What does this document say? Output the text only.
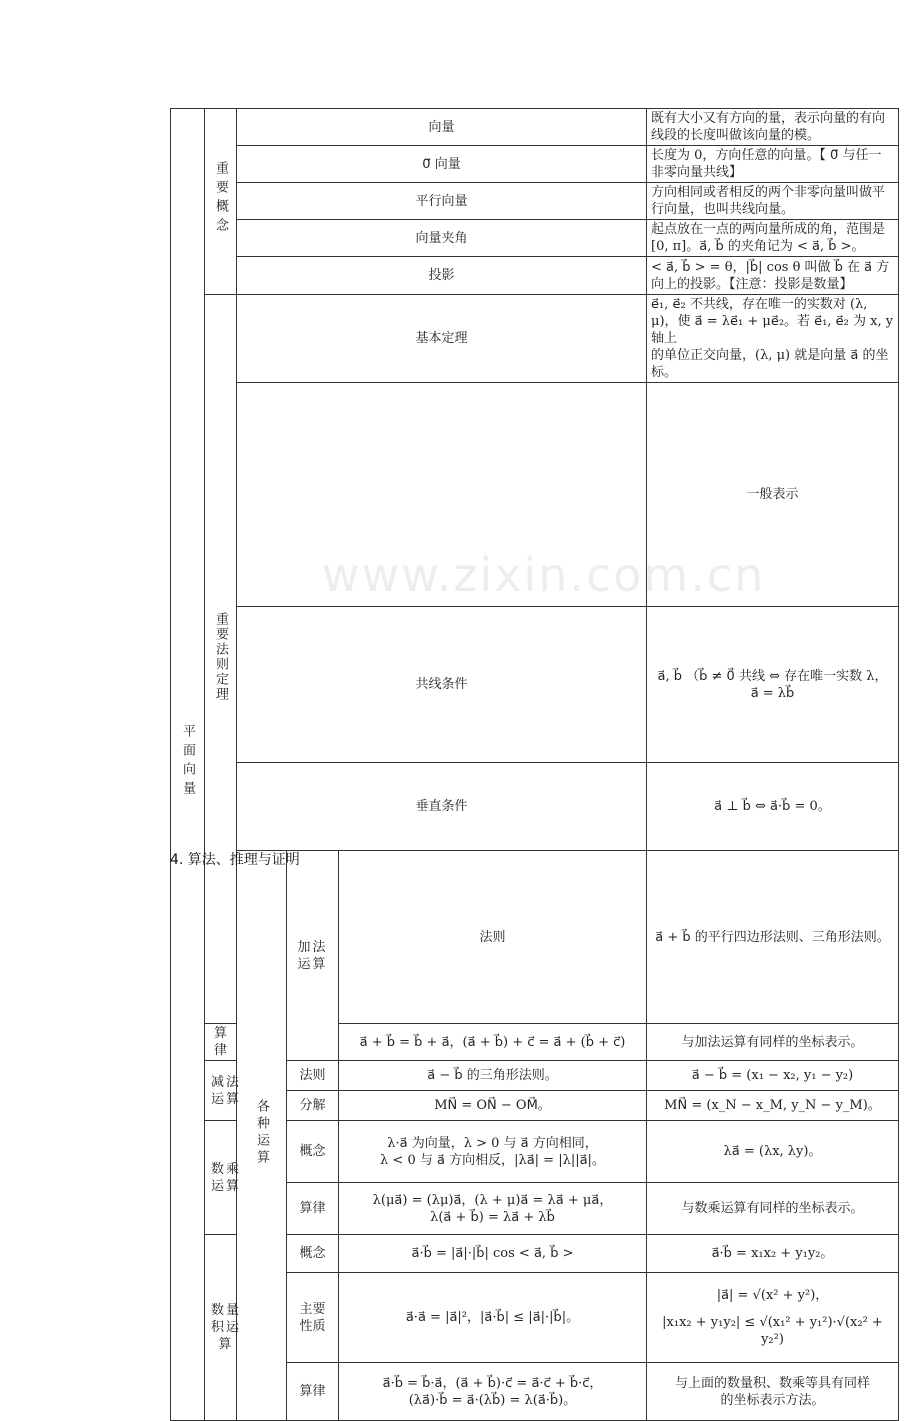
平面向量	重要概念	向量			既有大小又有方向的量，表示向量的有向线段的长度叫做该向量的模。	
		0⃗ 向量			长度为 0，方向任意的向量。【 0⃗ 与任一非零向量共线】	
		平行向量			方向相同或者相反的两个非零向量叫做平行向量，也叫共线向量。	
		向量夹角			起点放在一点的两向量所成的角，范围是 [0, π]。a⃗, b⃗ 的夹角记为 < a⃗, b⃗ >。	
		投影			< a⃗, b⃗ > = θ，|b⃗| cos θ 叫做 b⃗ 在 a⃗ 方向上的投影。【注意：投影是数量】	
	重要法则定理	基本定理			e⃗₁, e⃗₂ 不共线，存在唯一的实数对 (λ, μ)，使 a⃗ = λe⃗₁ + μe⃗₂。若 e⃗₁, e⃗₂ 为 x, y 轴上
的单位正交向量，(λ, μ) 就是向量 a⃗ 的坐标。	

					一般表示	
		共线条件			a⃗, b⃗ （b⃗ ≠ 0⃗ 共线 ⇔ 存在唯一实数 λ，
a⃗ = λb⃗

		垂直条件			a⃗ ⊥ b⃗ ⇔ a⃗·b⃗ = 0。	
		各种运算	加法运算	法则	a⃗ + b⃗ 的平行四边形法则、三角形法则。	
	算律			a⃗ + b⃗ = b⃗ + a⃗，(a⃗ + b⃗) + c⃗ = a⃗ + (b⃗ + c⃗)	与加法运算有同样的坐标表示。	
	减法运算		法则	a⃗ − b⃗ 的三角形法则。	a⃗ − b⃗ = (x₁ − x₂, y₁ − y₂)	
			分解	MN⃗ = ON⃗ − OM⃗。	MN⃗ = (x_N − x_M, y_N − y_M)。	
	数乘运算		概念	λ·a⃗ 为向量，λ > 0 与 a⃗ 方向相同，
λ < 0 与 a⃗ 方向相反，|λa⃗| = |λ||a⃗|。	λa⃗ = (λx, λy)。	
			算律	λ(μa⃗) = (λμ)a⃗，(λ + μ)a⃗ = λa⃗ + μa⃗，
λ(a⃗ + b⃗) = λa⃗ + λb⃗	与数乘运算有同样的坐标表示。	
	数量积运算		概念	a⃗·b⃗ = |a⃗|·|b⃗| cos < a⃗, b⃗ >	a⃗·b⃗ = x₁x₂ + y₁y₂。	
			主要性质	a⃗·a⃗ = |a⃗|²，|a⃗·b⃗| ≤ |a⃗|·|b⃗|。	|a⃗| = √(x² + y²)，
|x₁x₂ + y₁y₂| ≤ √(x₁² + y₁²)·√(x₂² + y₂²)	

			算律	a⃗·b⃗ = b⃗·a⃗，(a⃗ + b⃗)·c⃗ = a⃗·c⃗ + b⃗·c⃗，
(λa⃗)·b⃗ = a⃗·(λb⃗) = λ(a⃗·b⃗)。	与上面的数量积、数乘等具有同样
的坐标表示方法。	
www.zixin.com.cn
4. 算法、推理与证明
